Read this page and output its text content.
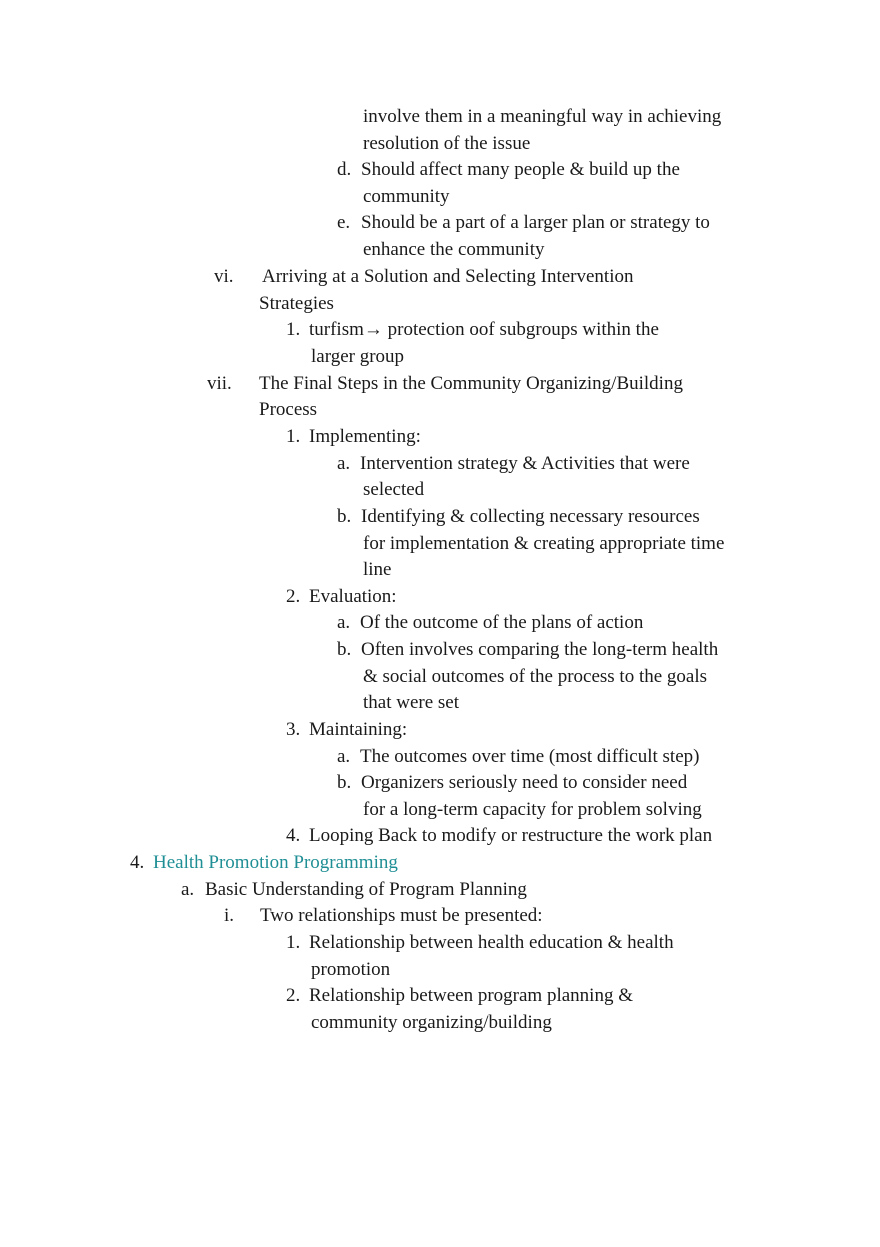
involve them in a meaningful way in achieving
resolution of the issue
d. Should affect many people & build up the
community
e. Should be a part of a larger plan or strategy to
enhance the community
vi. Arriving at a Solution and Selecting Intervention
Strategies
1. turfism→ protection oof subgroups within the
larger group
vii. The Final Steps in the Community Organizing/Building
Process
1. Implementing:
a. Intervention strategy & Activities that were
selected
b. Identifying & collecting necessary resources
for implementation & creating appropriate time
line
2. Evaluation:
a. Of the outcome of the plans of action
b. Often involves comparing the long-term health
& social outcomes of the process to the goals
that were set
3. Maintaining:
a. The outcomes over time (most difficult step)
b. Organizers seriously need to consider need
for a long-term capacity for problem solving
4. Looping Back to modify or restructure the work plan
4. Health Promotion Programming
a. Basic Understanding of Program Planning
i. Two relationships must be presented:
1. Relationship between health education & health
promotion
2. Relationship between program planning &
community organizing/building
